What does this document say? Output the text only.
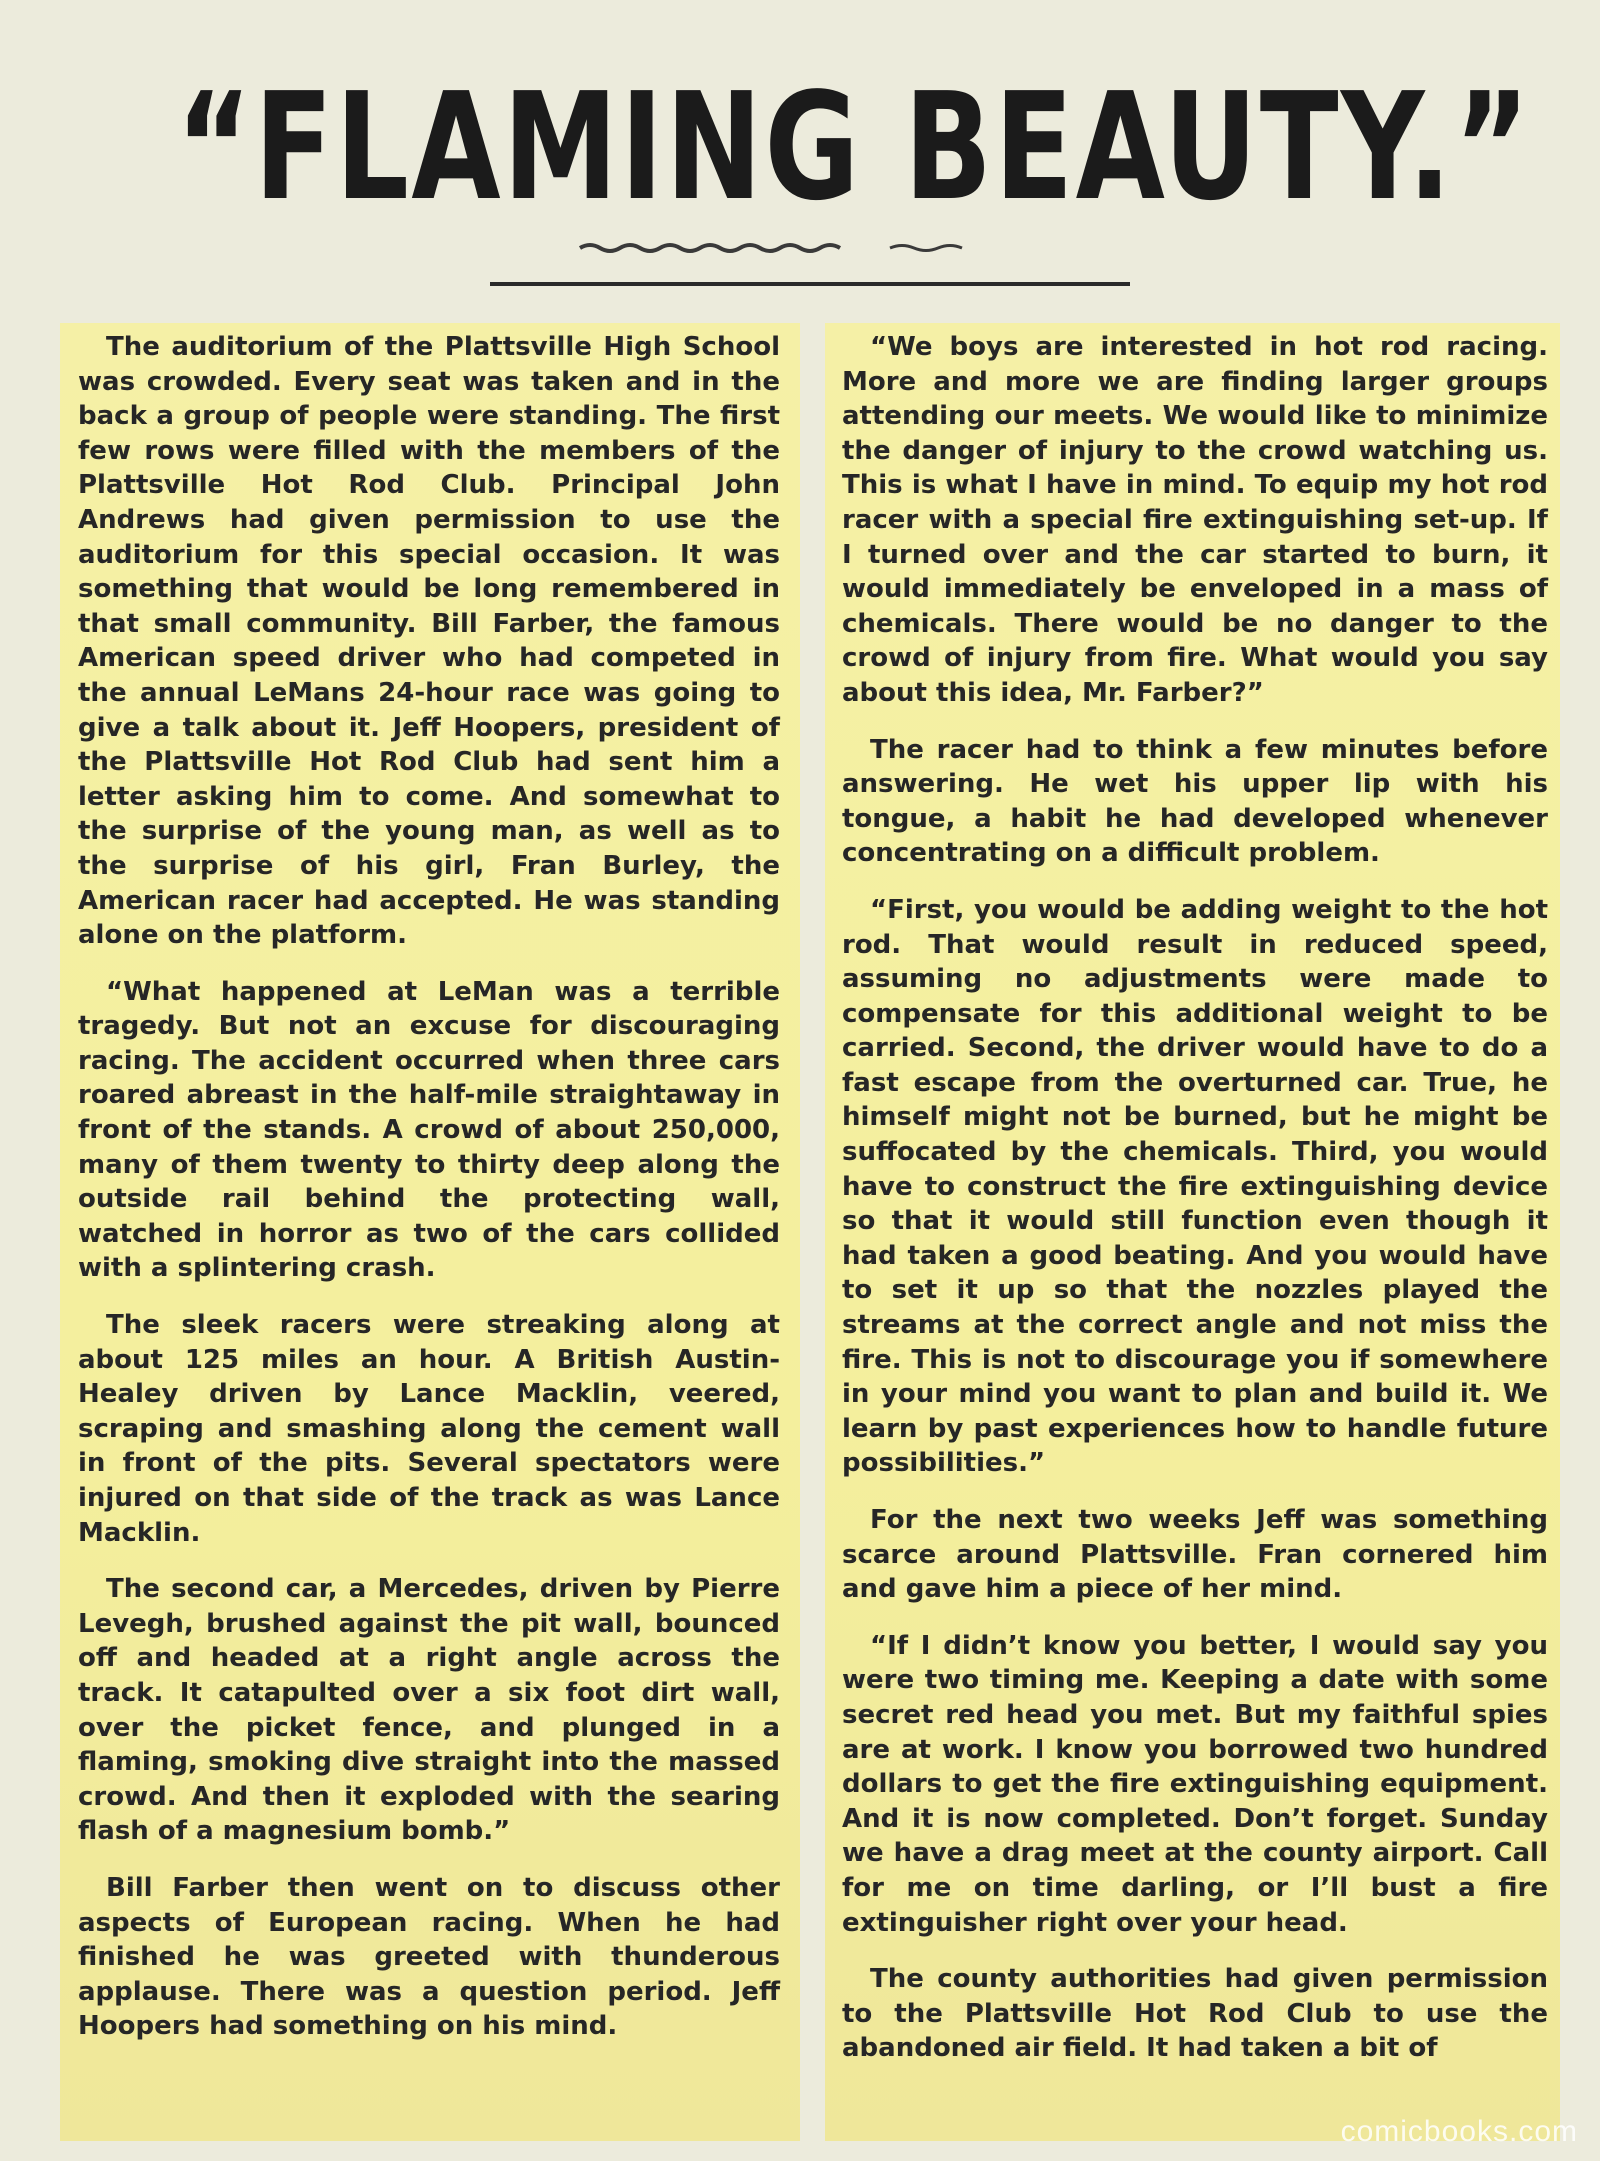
“FLAMING BEAUTY.”

The auditorium of the Plattsville High School was crowded. Every seat was taken and in the back a group of people were standing. The first few rows were filled with the members of the Plattsville Hot Rod Club. Principal John Andrews had given permission to use the auditorium for this special occasion. It was something that would be long remembered in that small community. Bill Farber, the famous American speed driver who had competed in the annual LeMans 24-hour race was going to give a talk about it. Jeff Hoopers, president of the Plattsville Hot Rod Club had sent him a letter asking him to come. And somewhat to the surprise of the young man, as well as to the surprise of his girl, Fran Burley, the American racer had accepted. He was standing alone on the platform.

“What happened at LeMan was a terrible tragedy. But not an excuse for discouraging racing. The accident occurred when three cars roared abreast in the half-mile straightaway in front of the stands. A crowd of about 250,000, many of them twenty to thirty deep along the outside rail behind the protecting wall, watched in horror as two of the cars collided with a splintering crash.

The sleek racers were streaking along at about 125 miles an hour. A British Austin-Healey driven by Lance Macklin, veered, scraping and smashing along the cement wall in front of the pits. Several spectators were injured on that side of the track as was Lance Macklin.

The second car, a Mercedes, driven by Pierre Levegh, brushed against the pit wall, bounced off and headed at a right angle across the track. It catapulted over a six foot dirt wall, over the picket fence, and plunged in a flaming, smoking dive straight into the massed crowd. And then it exploded with the searing flash of a magnesium bomb.”

Bill Farber then went on to discuss other aspects of European racing. When he had finished he was greeted with thunderous applause. There was a question period. Jeff Hoopers had something on his mind.

“We boys are interested in hot rod racing. More and more we are finding larger groups attending our meets. We would like to minimize the danger of injury to the crowd watching us. This is what I have in mind. To equip my hot rod racer with a special fire extinguishing set-up. If I turned over and the car started to burn, it would immediately be enveloped in a mass of chemicals. There would be no danger to the crowd of injury from fire. What would you say about this idea, Mr. Farber?”

The racer had to think a few minutes before answering. He wet his upper lip with his tongue, a habit he had developed whenever concentrating on a difficult problem.

“First, you would be adding weight to the hot rod. That would result in reduced speed, assuming no adjustments were made to compensate for this additional weight to be carried. Second, the driver would have to do a fast escape from the overturned car. True, he himself might not be burned, but he might be suffocated by the chemicals. Third, you would have to construct the fire extinguishing device so that it would still function even though it had taken a good beating. And you would have to set it up so that the nozzles played the streams at the correct angle and not miss the fire. This is not to discourage you if somewhere in your mind you want to plan and build it. We learn by past experiences how to handle future possibilities.”

For the next two weeks Jeff was something scarce around Plattsville. Fran cornered him and gave him a piece of her mind.

“If I didn’t know you better, I would say you were two timing me. Keeping a date with some secret red head you met. But my faithful spies are at work. I know you borrowed two hundred dollars to get the fire extinguishing equipment. And it is now completed. Don’t forget. Sunday we have a drag meet at the county airport. Call for me on time darling, or I’ll bust a fire extinguisher right over your head.

The county authorities had given permission to the Plattsville Hot Rod Club to use the abandoned air field. It had taken a bit of

comicbooks.com
